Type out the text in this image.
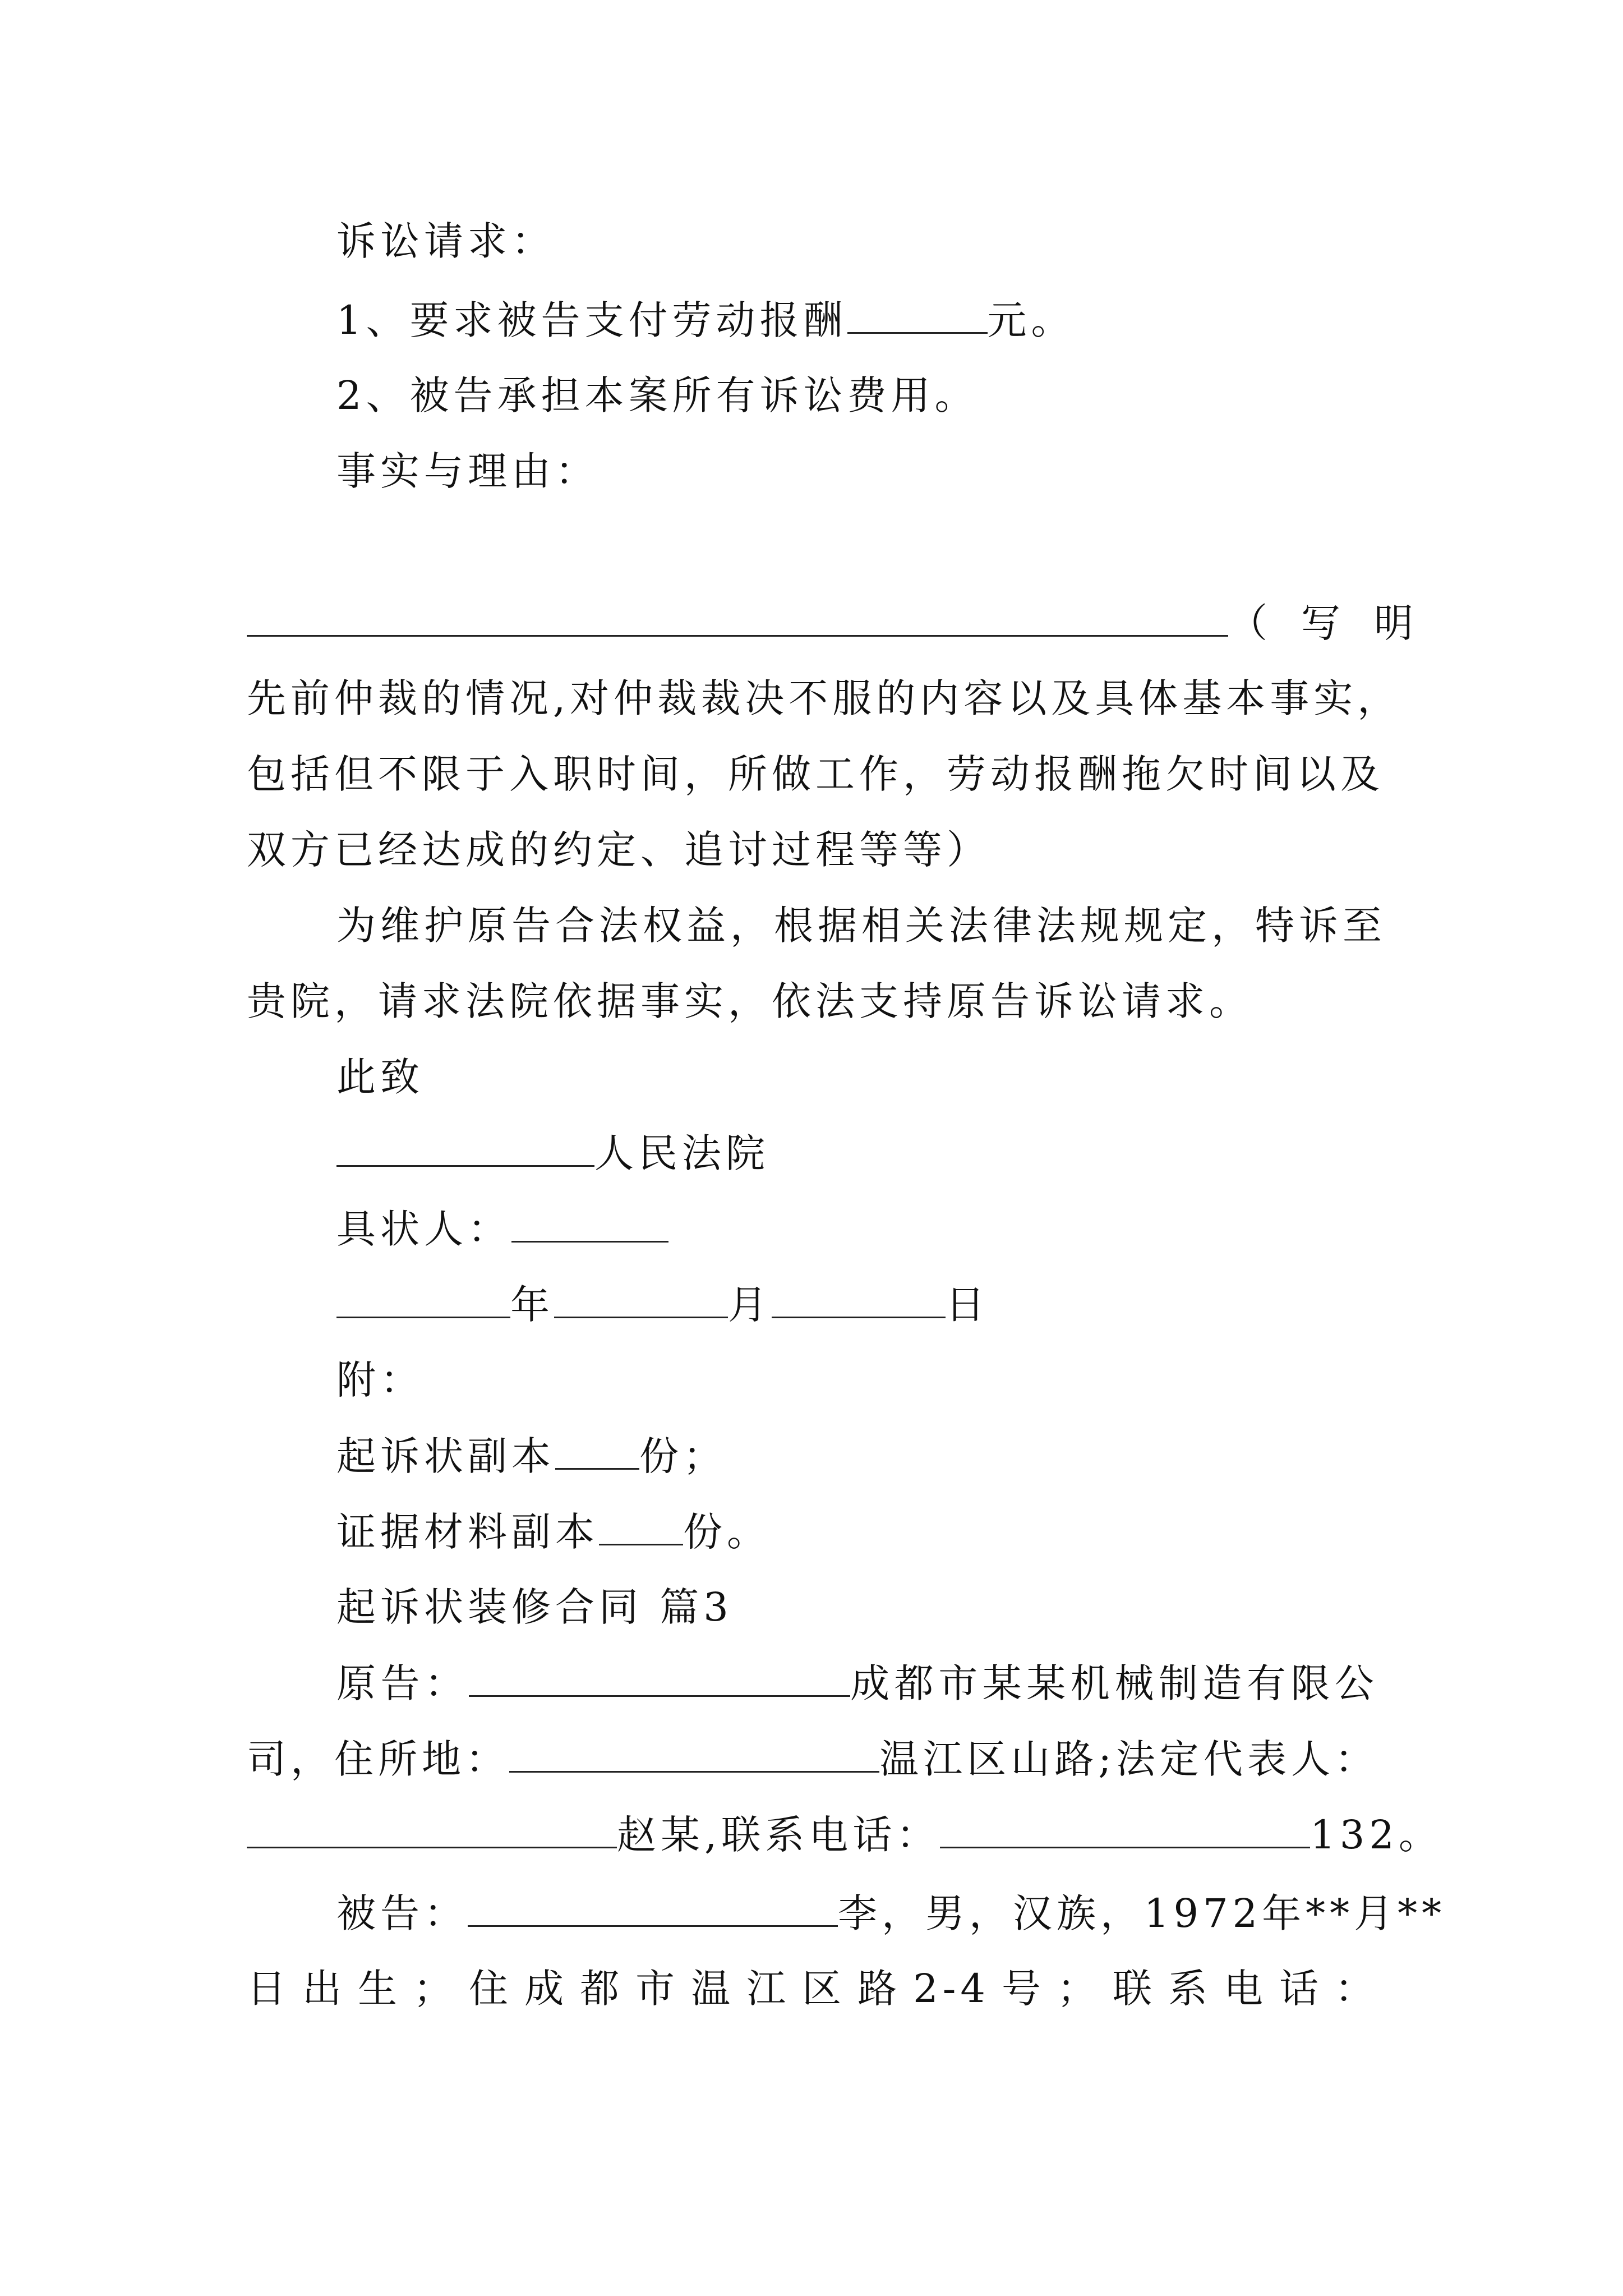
诉讼请求：
1、要求被告支付劳动报酬	元。
2、被告承担本案所有诉讼费用。
事实与理由：
（写明
先前仲裁的情况,对仲裁裁决不服的内容以及具体基本事实，
包括但不限于入职时间，所做工作，劳动报酬拖欠时间以及
双方已经达成的约定、追讨过程等等）
为维护原告合法权益，根据相关法律法规规定，特诉至
贵院，请求法院依据事实，依法支持原告诉讼请求。
此致
人民法院
具状人：
年	月	日
附：
起诉状副本 份；
证据材料副本 份。
起诉状装修合同 篇3
原告：	成都市某某机械制造有限公
司，住所地：	温江区山路;法定代表人：
赵某,联系电话：	132。
被告：	李，男，汉族，1972年**月**
日出生；住成都市温江区路2-4号；联系电话：
